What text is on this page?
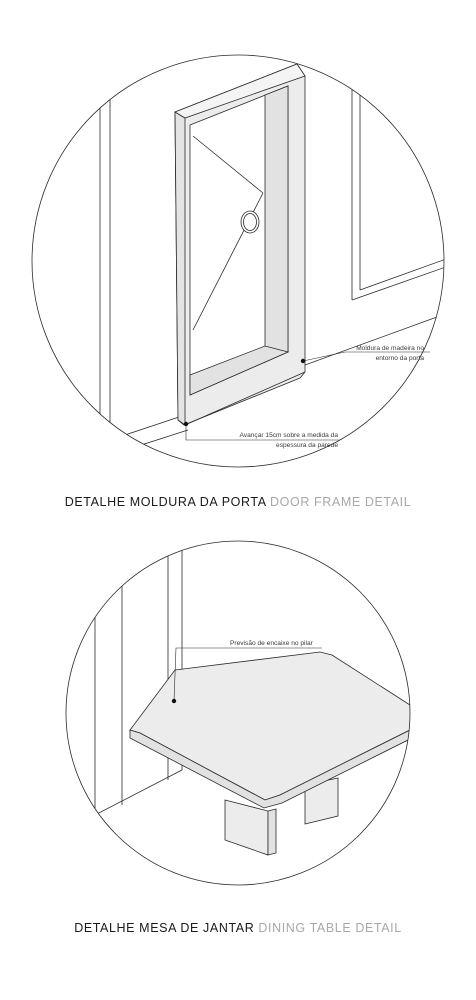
Moldura de madeira no
entorno da porta
Avançar 15cm sobre a medida da
espessura da parede
DETALHE MOLDURA DA PORTA DOOR FRAME DETAIL
Previsão de encaixe no pilar
DETALHE MESA DE JANTAR DINING TABLE DETAIL
